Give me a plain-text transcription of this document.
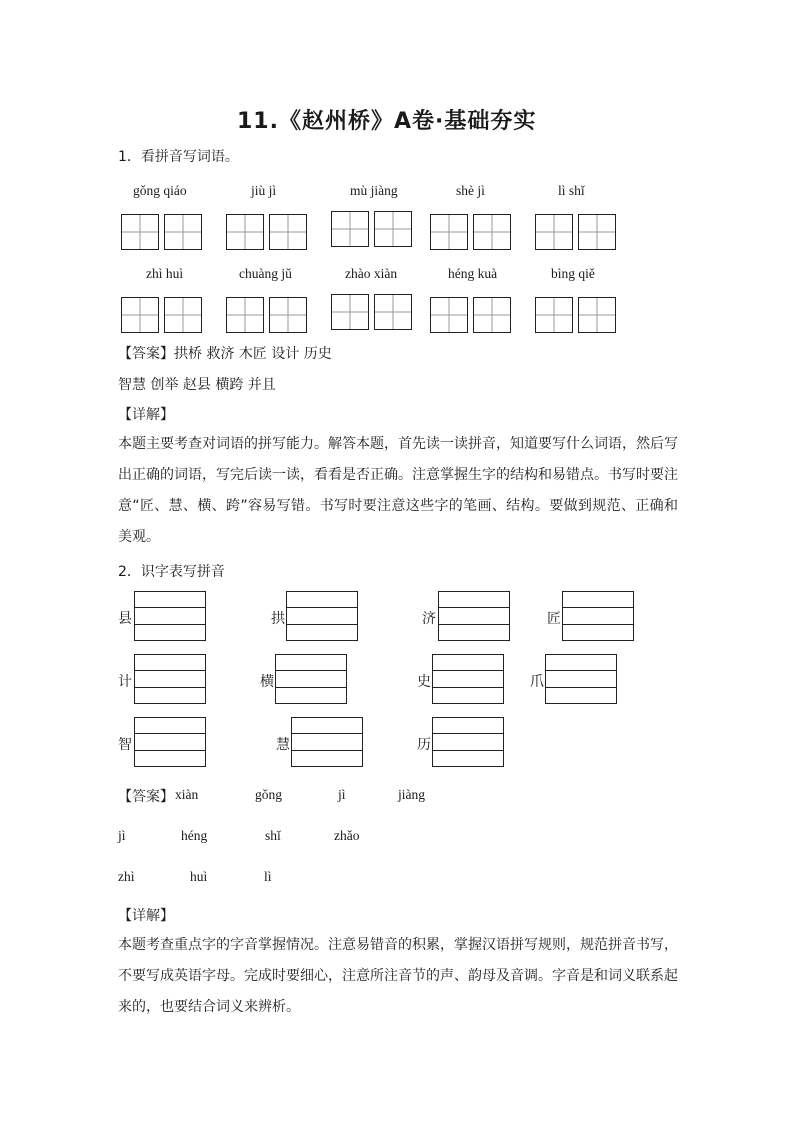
11.《赵州桥》A卷·基础夯实
1．看拼音写词语。
gǒng qiáo	jiù jì	mù jiàng	shè jì	lì shǐ
zhì huì	chuàng jǔ	zhào xiàn	héng kuà	bìng qiě
【答案】拱桥 救济 木匠 设计 历史
智慧 创举 赵县 横跨 并且
【详解】
本题主要考查对词语的拼写能力。解答本题，首先读一读拼音，知道要写什么词语，然后写出正确的词语，写完后读一读，看看是否正确。注意掌握生字的结构和易错点。书写时要注意“匠、慧、横、跨”容易写错。书写时要注意这些字的笔画、结构。要做到规范、正确和美观。
2．识字表写拼音
县	拱	济	匠
计	横	史	爪
智	慧	历
【答案】 xiàn	gǒng	jì	jiàng
jì	héng	shǐ	zhǎo
zhì	huì	lì
【详解】
本题考查重点字的字音掌握情况。注意易错音的积累，掌握汉语拼写规则，规范拼音书写，不要写成英语字母。完成时要细心，注意所注音节的声、韵母及音调。字音是和词义联系起来的，也要结合词义来辨析。
